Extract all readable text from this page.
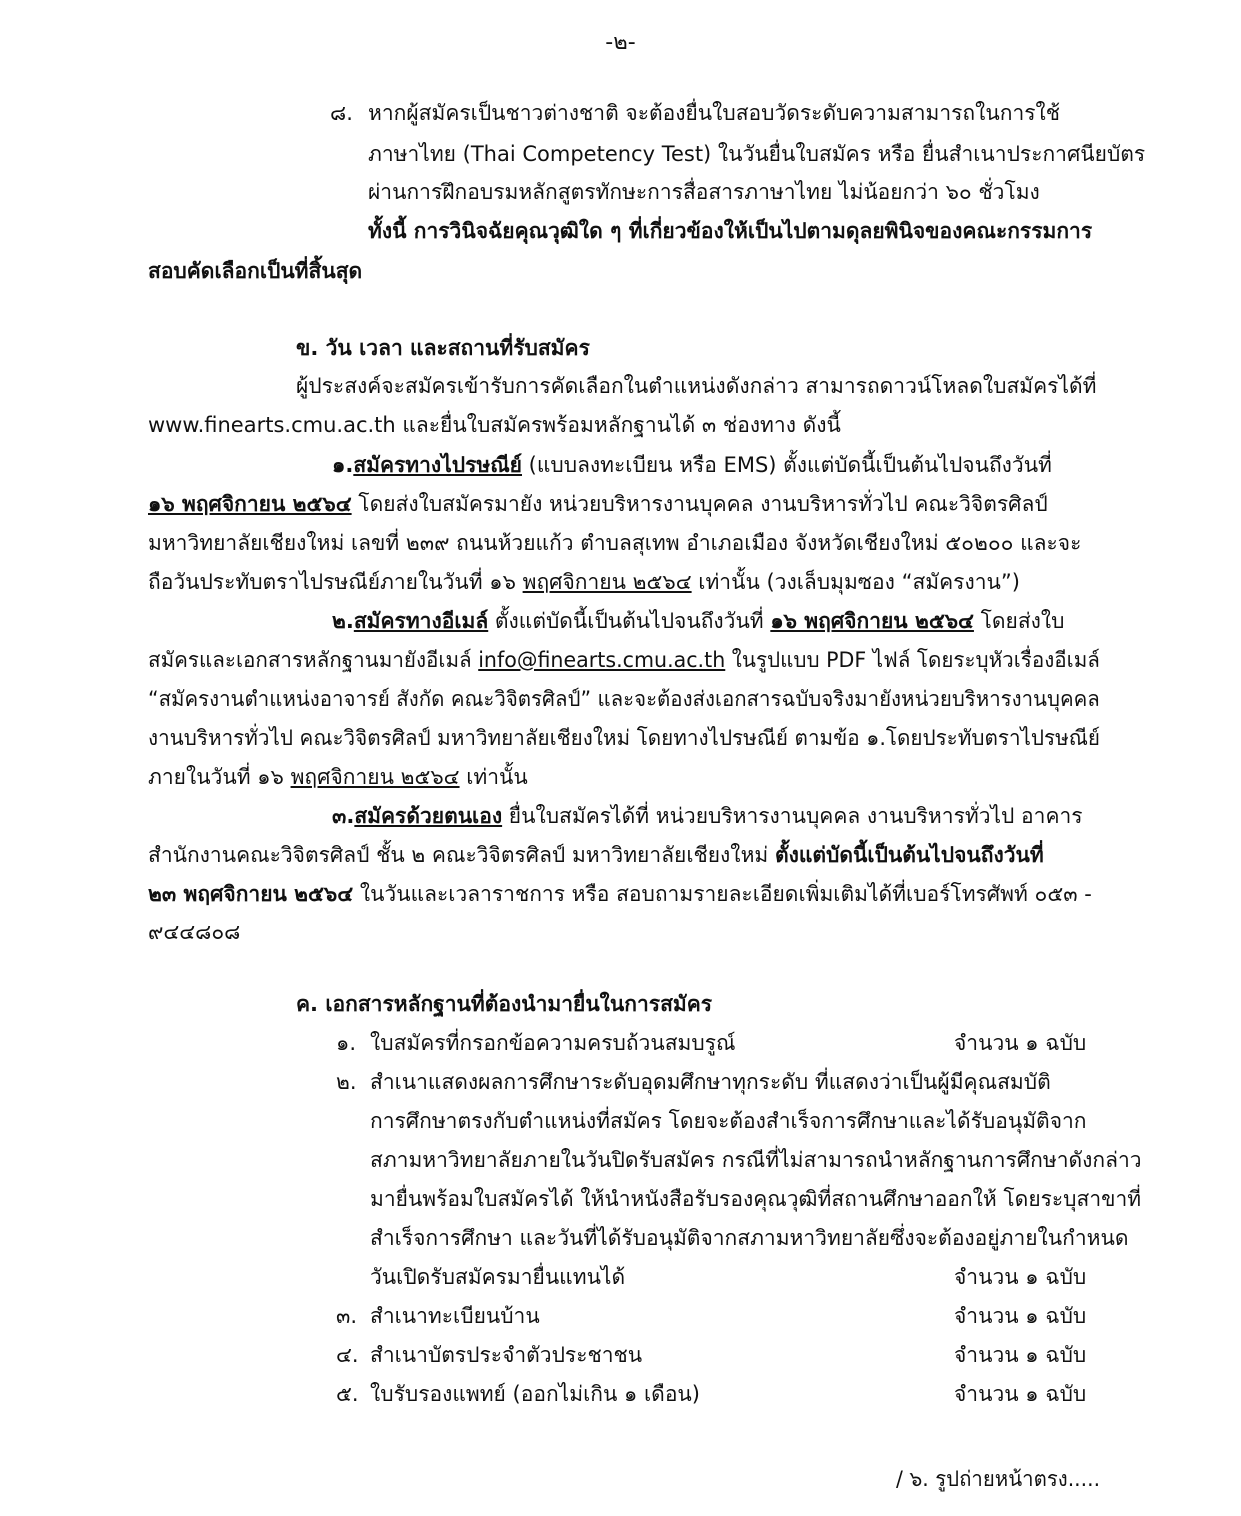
-๒-
๘. หากผู้สมัครเป็นชาวต่างชาติ จะต้องยื่นใบสอบวัดระดับความสามารถในการใช้
ภาษาไทย (Thai Competency Test) ในวันยื่นใบสมัคร หรือ ยื่นสำเนาประกาศนียบัตร
ผ่านการฝึกอบรมหลักสูตรทักษะการสื่อสารภาษาไทย ไม่น้อยกว่า ๖๐ ชั่วโมง
ทั้งนี้ การวินิจฉัยคุณวุฒิใด ๆ ที่เกี่ยวข้องให้เป็นไปตามดุลยพินิจของคณะกรรมการ
สอบคัดเลือกเป็นที่สิ้นสุด
ข. วัน เวลา และสถานที่รับสมัคร
ผู้ประสงค์จะสมัครเข้ารับการคัดเลือกในตำแหน่งดังกล่าว สามารถดาวน์โหลดใบสมัครได้ที่
www.finearts.cmu.ac.th และยื่นใบสมัครพร้อมหลักฐานได้ ๓ ช่องทาง ดังนี้
๑.สมัครทางไปรษณีย์ (แบบลงทะเบียน หรือ EMS) ตั้งแต่บัดนี้เป็นต้นไปจนถึงวันที่
๑๖ พฤศจิกายน ๒๕๖๔ โดยส่งใบสมัครมายัง หน่วยบริหารงานบุคคล งานบริหารทั่วไป คณะวิจิตรศิลป์
มหาวิทยาลัยเชียงใหม่ เลขที่ ๒๓๙ ถนนห้วยแก้ว ตำบลสุเทพ อำเภอเมือง จังหวัดเชียงใหม่ ๕๐๒๐๐ และจะ
ถือวันประทับตราไปรษณีย์ภายในวันที่ ๑๖ พฤศจิกายน ๒๕๖๔ เท่านั้น (วงเล็บมุมซอง “สมัครงาน”)
๒.สมัครทางอีเมล์ ตั้งแต่บัดนี้เป็นต้นไปจนถึงวันที่ ๑๖ พฤศจิกายน ๒๕๖๔ โดยส่งใบ
สมัครและเอกสารหลักฐานมายังอีเมล์ info@finearts.cmu.ac.th ในรูปแบบ PDF ไฟล์ โดยระบุหัวเรื่องอีเมล์
“สมัครงานตำแหน่งอาจารย์ สังกัด คณะวิจิตรศิลป์” และจะต้องส่งเอกสารฉบับจริงมายังหน่วยบริหารงานบุคคล
งานบริหารทั่วไป คณะวิจิตรศิลป์ มหาวิทยาลัยเชียงใหม่ โดยทางไปรษณีย์ ตามข้อ ๑.โดยประทับตราไปรษณีย์
ภายในวันที่ ๑๖ พฤศจิกายน ๒๕๖๔ เท่านั้น
๓.สมัครด้วยตนเอง ยื่นใบสมัครได้ที่ หน่วยบริหารงานบุคคล งานบริหารทั่วไป อาคาร
สำนักงานคณะวิจิตรศิลป์ ชั้น ๒ คณะวิจิตรศิลป์ มหาวิทยาลัยเชียงใหม่ ตั้งแต่บัดนี้เป็นต้นไปจนถึงวันที่
๒๓ พฤศจิกายน ๒๕๖๔ ในวันและเวลาราชการ หรือ สอบถามรายละเอียดเพิ่มเติมได้ที่เบอร์โทรศัพท์ ๐๕๓ -
๙๔๔๘๐๘
ค. เอกสารหลักฐานที่ต้องนำมายื่นในการสมัคร
๑. ใบสมัครที่กรอกข้อความครบถ้วนสมบรูณ์	จำนวน ๑ ฉบับ
๒. สำเนาแสดงผลการศึกษาระดับอุดมศึกษาทุกระดับ ที่แสดงว่าเป็นผู้มีคุณสมบัติ
การศึกษาตรงกับตำแหน่งที่สมัคร โดยจะต้องสำเร็จการศึกษาและได้รับอนุมัติจาก
สภามหาวิทยาลัยภายในวันปิดรับสมัคร กรณีที่ไม่สามารถนำหลักฐานการศึกษาดังกล่าว
มายื่นพร้อมใบสมัครได้ ให้นำหนังสือรับรองคุณวุฒิที่สถานศึกษาออกให้ โดยระบุสาขาที่
สำเร็จการศึกษา และวันที่ได้รับอนุมัติจากสภามหาวิทยาลัยซึ่งจะต้องอยู่ภายในกำหนด
วันเปิดรับสมัครมายื่นแทนได้	จำนวน ๑ ฉบับ
๓. สำเนาทะเบียนบ้าน	จำนวน ๑ ฉบับ
๔. สำเนาบัตรประจำตัวประชาชน	จำนวน ๑ ฉบับ
๕. ใบรับรองแพทย์ (ออกไม่เกิน ๑ เดือน)	จำนวน ๑ ฉบับ
/ ๖. รูปถ่ายหน้าตรง.....
